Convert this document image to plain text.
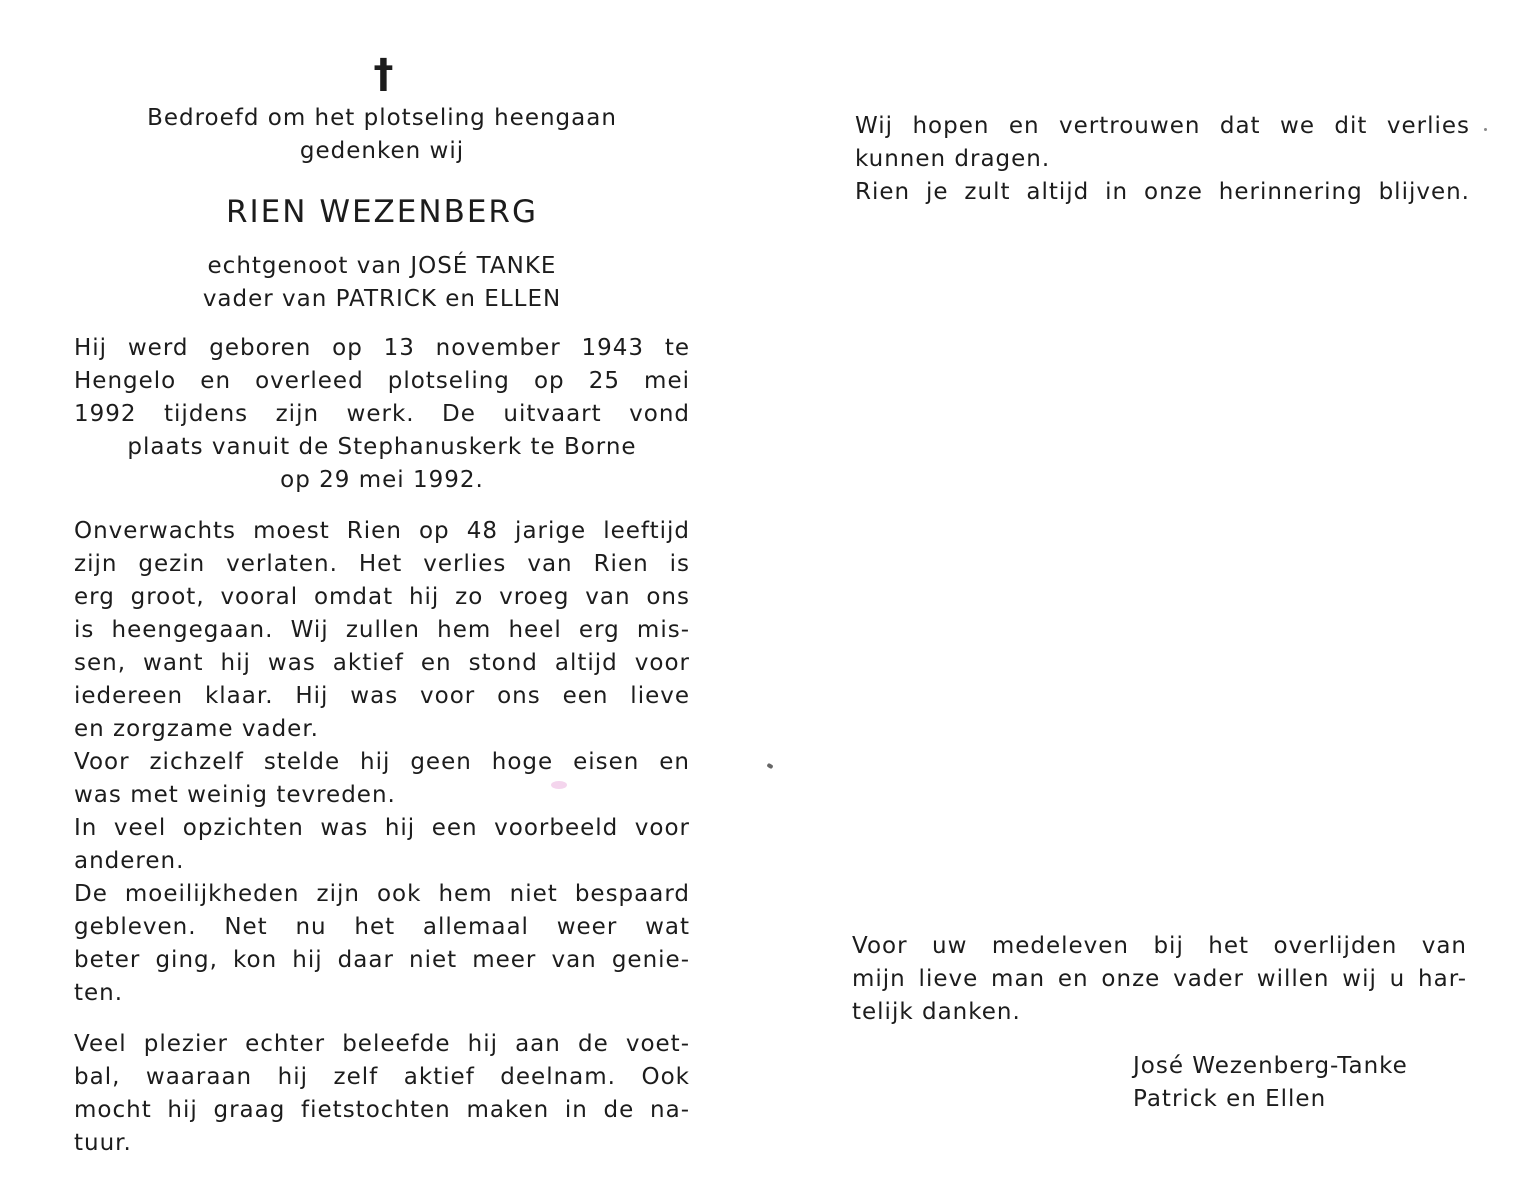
†
Bedroefd om het plotseling heengaan
gedenken wij
RIEN WEZENBERG
echtgenoot van JOSÉ TANKE
vader van PATRICK en ELLEN
Hij werd geboren op 13 november 1943 te
Hengelo en overleed plotseling op 25 mei
1992 tijdens zijn werk. De uitvaart vond
plaats vanuit de Stephanuskerk te Borne
op 29 mei 1992.
Onverwachts moest Rien op 48 jarige leeftijd
zijn gezin verlaten. Het verlies van Rien is
erg groot, vooral omdat hij zo vroeg van ons
is heengegaan. Wij zullen hem heel erg mis-
sen, want hij was aktief en stond altijd voor
iedereen klaar. Hij was voor ons een lieve
en zorgzame vader.
Voor zichzelf stelde hij geen hoge eisen en
was met weinig tevreden.
In veel opzichten was hij een voorbeeld voor
anderen.
De moeilijkheden zijn ook hem niet bespaard
gebleven. Net nu het allemaal weer wat
beter ging, kon hij daar niet meer van genie-
ten.
Veel plezier echter beleefde hij aan de voet-
bal, waaraan hij zelf aktief deelnam. Ook
mocht hij graag fietstochten maken in de na-
tuur.
Wij hopen en vertrouwen dat we dit verlies
kunnen dragen.
Rien je zult altijd in onze herinnering blijven.
Voor uw medeleven bij het overlijden van
mijn lieve man en onze vader willen wij u har-
telijk danken.
José Wezenberg-Tanke
Patrick en Ellen
